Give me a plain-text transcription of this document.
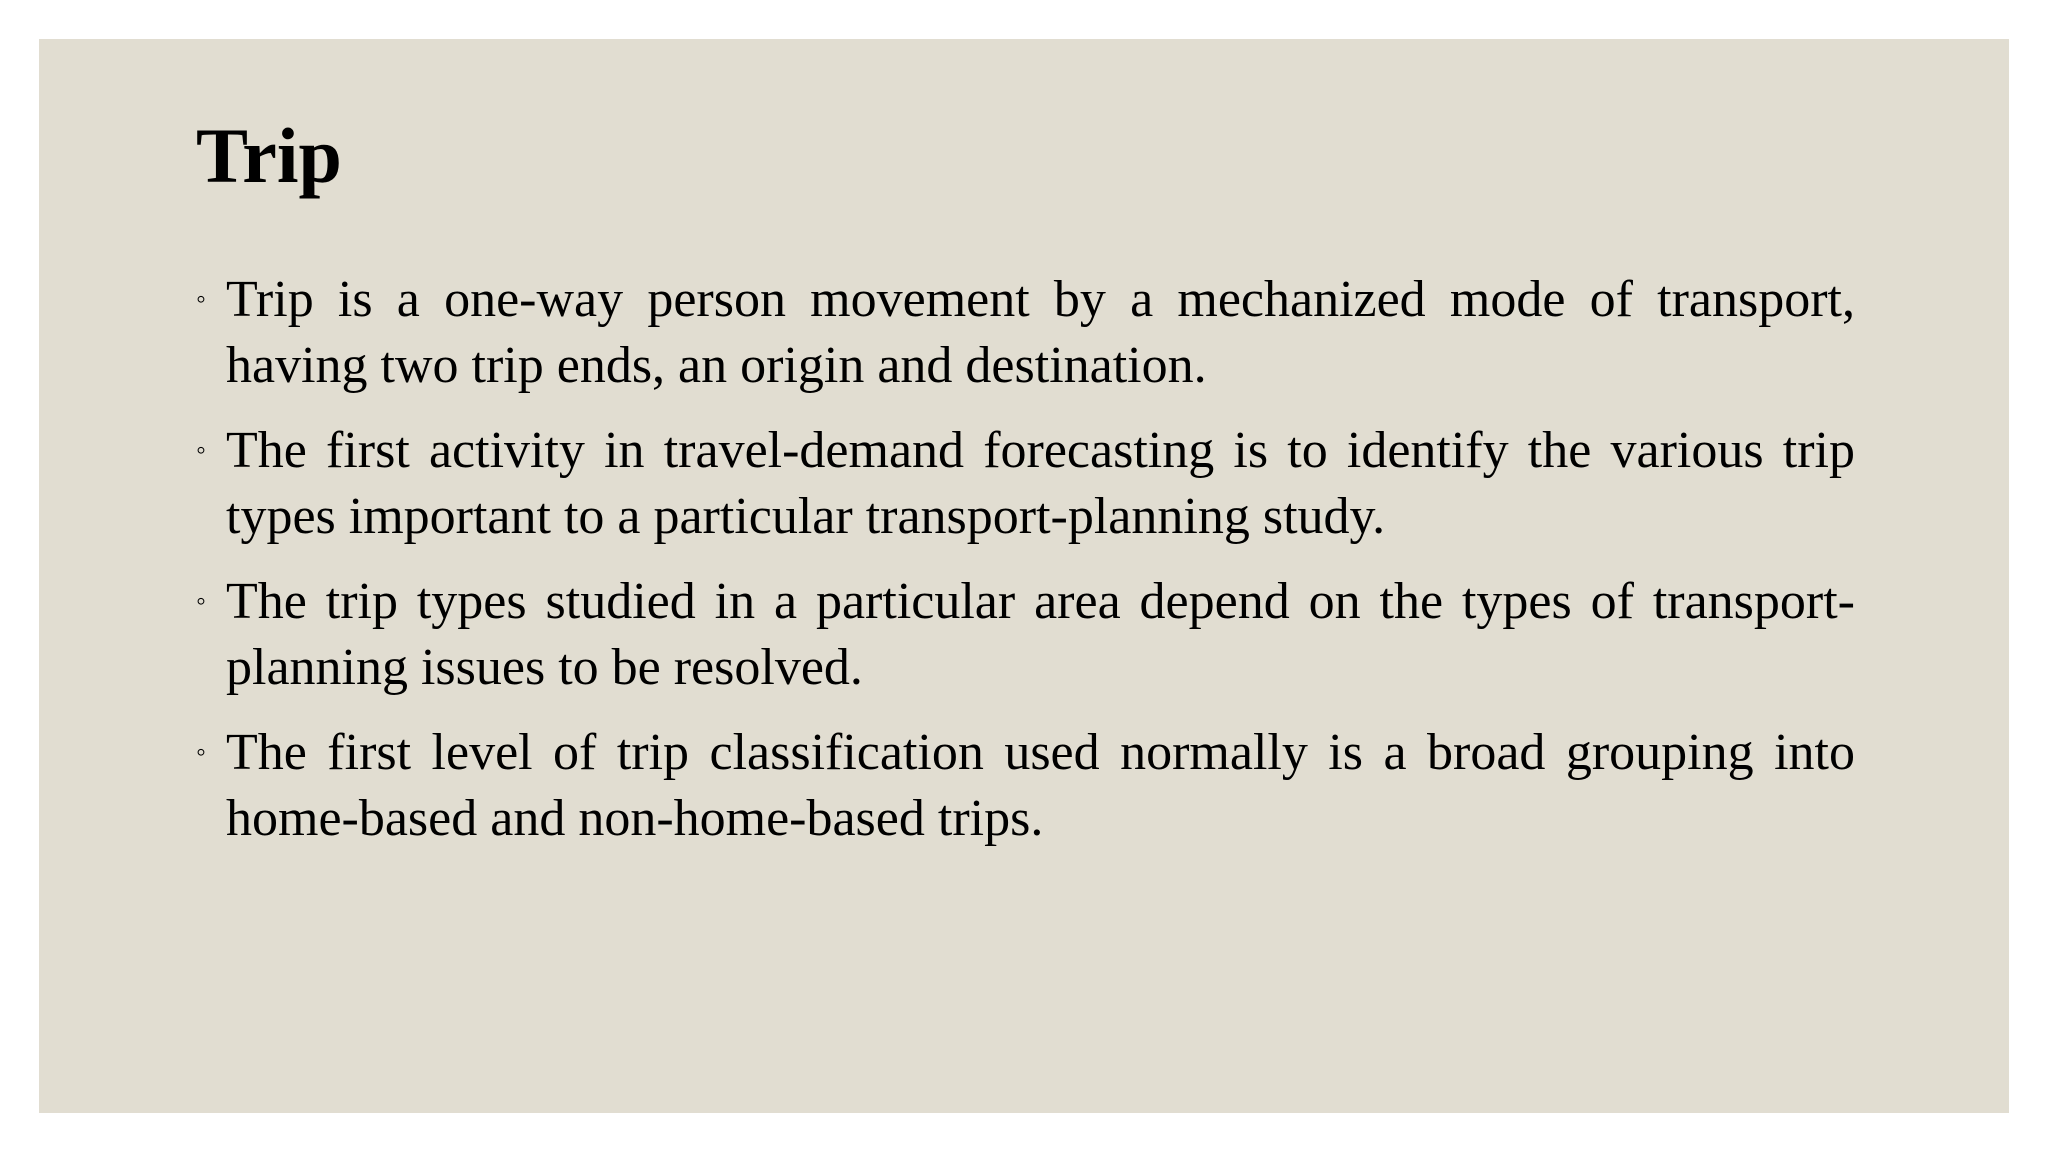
Trip
◦ Trip is a one-way person movement by a mechanized mode of transport, having two trip ends, an origin and destination.
◦ The first activity in travel-demand forecasting is to identify the various trip types important to a particular transport-planning study.
◦ The trip types studied in a particular area depend on the types of transport-planning issues to be resolved.
◦ The first level of trip classification used normally is a broad grouping into home-based and non-home-based trips.
